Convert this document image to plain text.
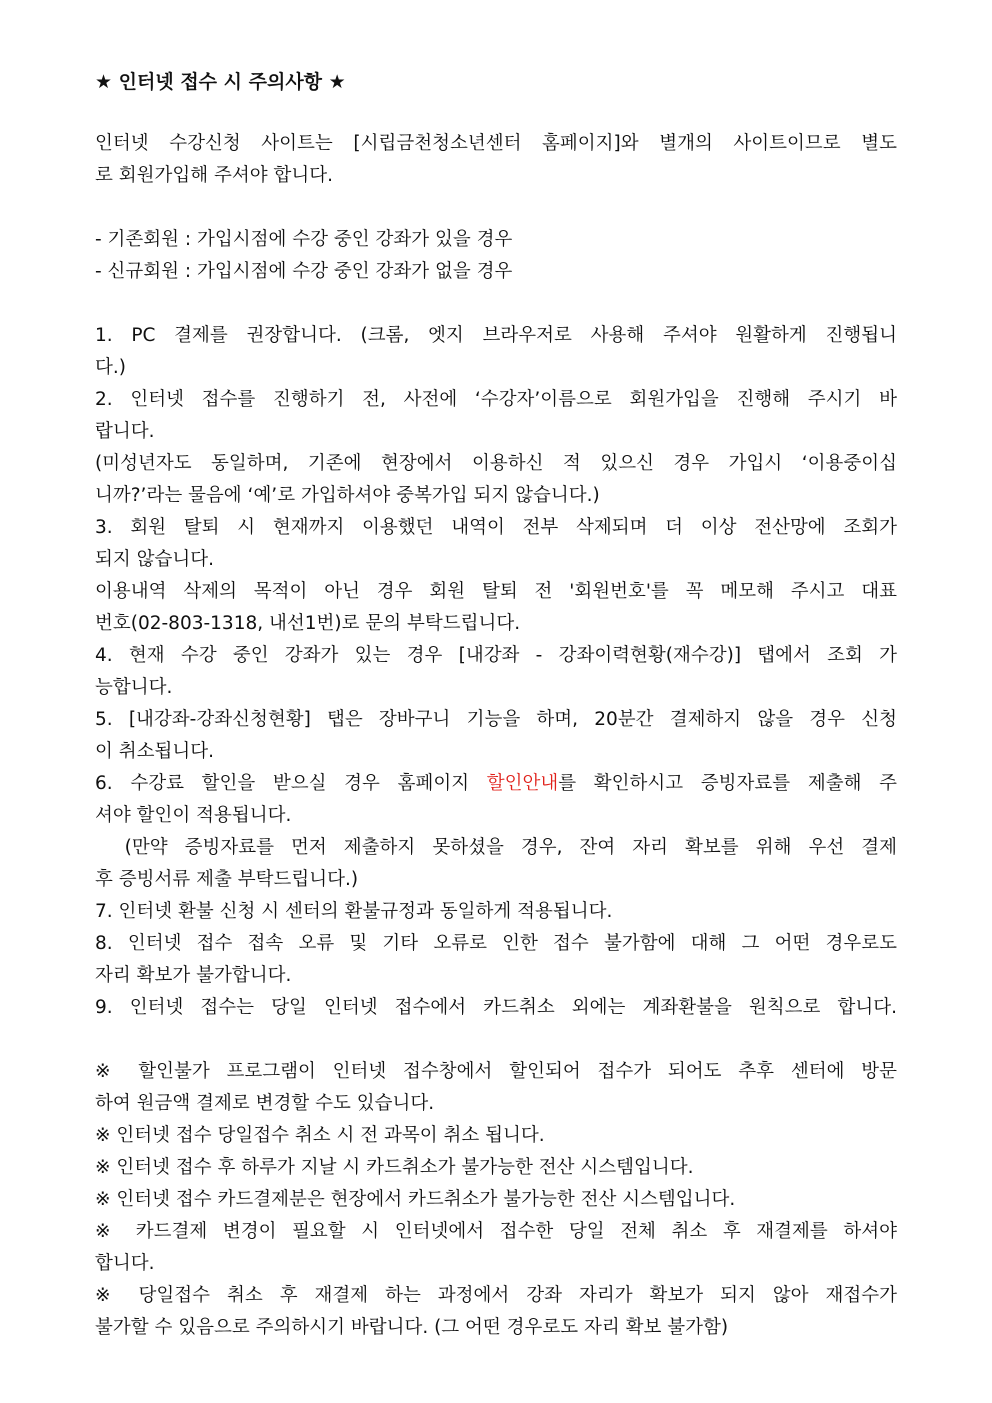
★ 인터넷 접수 시 주의사항 ★
인터넷 수강신청 사이트는 [시립금천청소년센터 홈페이지]와 별개의 사이트이므로 별도
로 회원가입해 주셔야 합니다.
- 기존회원 : 가입시점에 수강 중인 강좌가 있을 경우
- 신규회원 : 가입시점에 수강 중인 강좌가 없을 경우
1. PC 결제를 권장합니다. (크롬, 엣지 브라우저로 사용해 주셔야 원활하게 진행됩니
다.)
2. 인터넷 접수를 진행하기 전, 사전에 ‘수강자’이름으로 회원가입을 진행해 주시기 바
랍니다.
(미성년자도 동일하며, 기존에 현장에서 이용하신 적 있으신 경우 가입시 ‘이용중이십
니까?’라는 물음에 ‘예’로 가입하셔야 중복가입 되지 않습니다.)
3. 회원 탈퇴 시 현재까지 이용했던 내역이 전부 삭제되며 더 이상 전산망에 조회가
되지 않습니다.
이용내역 삭제의 목적이 아닌 경우 회원 탈퇴 전 '회원번호'를 꼭 메모해 주시고 대표
번호(02-803-1318, 내선1번)로 문의 부탁드립니다.
4. 현재 수강 중인 강좌가 있는 경우 [내강좌 - 강좌이력현황(재수강)] 탭에서 조회 가
능합니다.
5. [내강좌-강좌신청현황] 탭은 장바구니 기능을 하며, 20분간 결제하지 않을 경우 신청
이 취소됩니다.
6. 수강료 할인을 받으실 경우 홈페이지 할인안내를 확인하시고 증빙자료를 제출해 주
셔야 할인이 적용됩니다.
　(만약 증빙자료를 먼저 제출하지 못하셨을 경우, 잔여 자리 확보를 위해 우선 결제
후 증빙서류 제출 부탁드립니다.)
7. 인터넷 환불 신청 시 센터의 환불규정과 동일하게 적용됩니다.
8. 인터넷 접수 접속 오류 및 기타 오류로 인한 접수 불가함에 대해 그 어떤 경우로도
자리 확보가 불가합니다.
9. 인터넷 접수는 당일 인터넷 접수에서 카드취소 외에는 계좌환불을 원칙으로 합니다.
※ 할인불가 프로그램이 인터넷 접수창에서 할인되어 접수가 되어도 추후 센터에 방문
하여 원금액 결제로 변경할 수도 있습니다.
※ 인터넷 접수 당일접수 취소 시 전 과목이 취소 됩니다.
※ 인터넷 접수 후 하루가 지날 시 카드취소가 불가능한 전산 시스템입니다.
※ 인터넷 접수 카드결제분은 현장에서 카드취소가 불가능한 전산 시스템입니다.
※ 카드결제 변경이 필요할 시 인터넷에서 접수한 당일 전체 취소 후 재결제를 하셔야
합니다.
※ 당일접수 취소 후 재결제 하는 과정에서 강좌 자리가 확보가 되지 않아 재접수가
불가할 수 있음으로 주의하시기 바랍니다. (그 어떤 경우로도 자리 확보 불가함)
